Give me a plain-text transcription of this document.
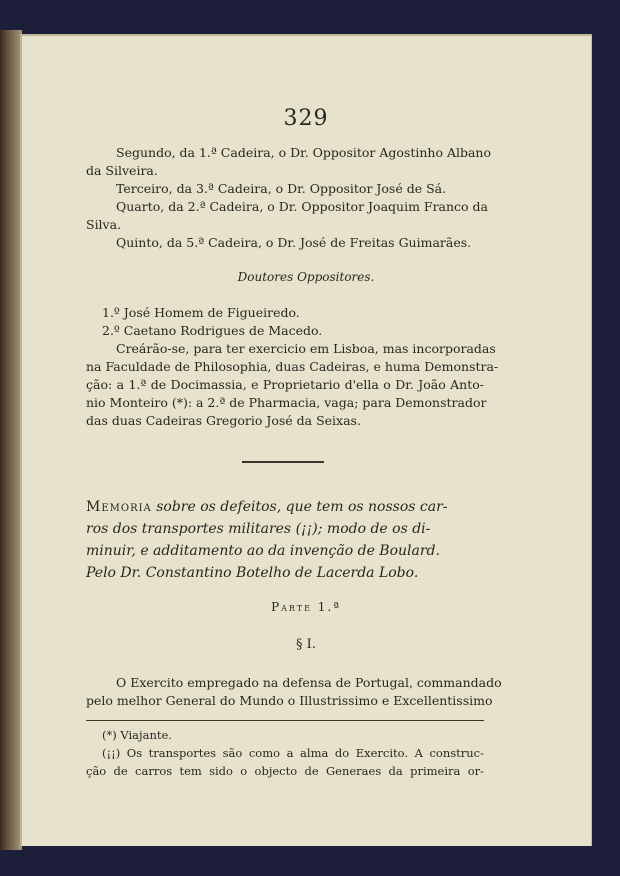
329
Segundo, da 1.ª Cadeira, o Dr. Oppositor Agostinho Albano
da Silveira.
Terceiro, da 3.ª Cadeira, o Dr. Oppositor José de Sá.
Quarto, da 2.ª Cadeira, o Dr. Oppositor Joaquim Franco da
Silva.
Quinto, da 5.ª Cadeira, o Dr. José de Freitas Guimarães.
Doutores Oppositores.
1.º José Homem de Figueiredo.
2.º Caetano Rodrigues de Macedo.
Creárão-se, para ter exercicio em Lisboa, mas incorporadas
na Faculdade de Philosophia, duas Cadeiras, e huma Demonstra-
ção: a 1.ª de Docimassia, e Proprietario d'ella o Dr. João Anto-
nio Monteiro (*): a 2.ª de Pharmacia, vaga; para Demonstrador
das duas Cadeiras Gregorio José da Seixas.
Memoria sobre os defeitos, que tem os nossos car-
ros dos transportes militares (¡¡); modo de os di-
minuir, e additamento ao da invenção de Boulard.
Pelo Dr. Constantino Botelho de Lacerda Lobo.
Parte 1.ª
§ I.
O Exercito empregado na defensa de Portugal, commandado
pelo melhor General do Mundo o Illustrissimo e Excellentissimo
(*) Viajante.
(¡¡) Os transportes são como a alma do Exercito. A construc-
ção de carros tem sido o objecto de Generaes da primeira or-
